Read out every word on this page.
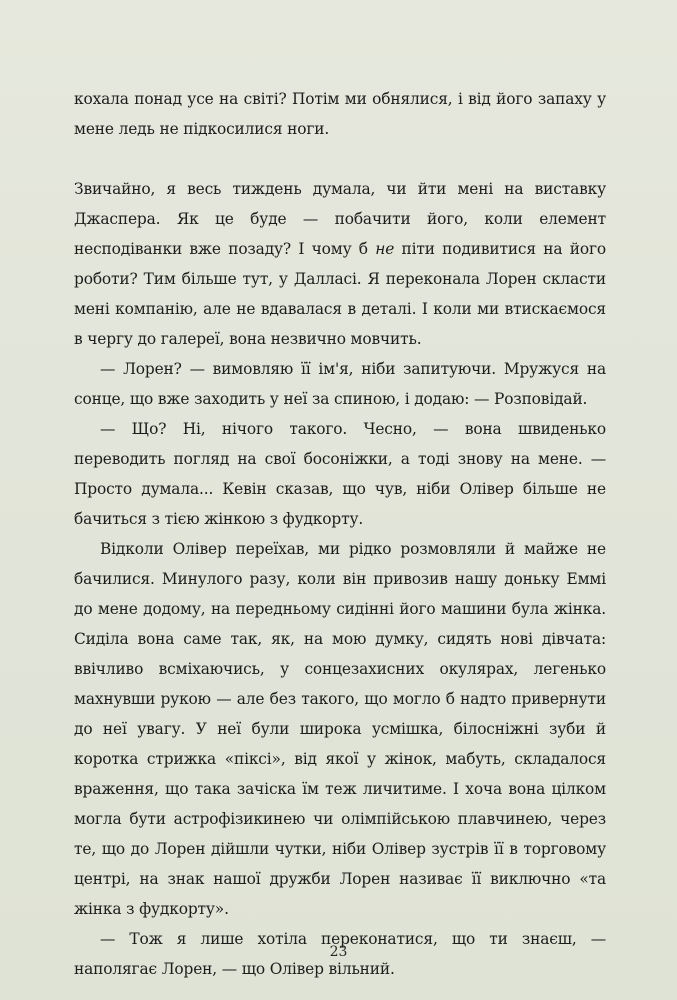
кохала понад усе на світі? Потім ми обнялися, і від його запаху у мене ледь не підкосилися ноги.

Звичайно, я весь тиждень думала, чи йти мені на виставку Джаспера. Як це буде — побачити його, коли елемент несподіванки вже позаду? І чому б не піти подивитися на його роботи? Тим більше тут, у Далласі. Я переконала Лорен скласти мені компанію, але не вдавалася в деталі. І коли ми втискаємося в чергу до галереї, вона незвично мовчить.

— Лорен? — вимовляю її ім'я, ніби запитуючи. Мружуся на сонце, що вже заходить у неї за спиною, і додаю: — Розповідай.

— Що? Ні, нічого такого. Чесно, — вона швиденько переводить погляд на свої босоніжки, а тоді знову на мене. — Просто думала... Кевін сказав, що чув, ніби Олівер більше не бачиться з тією жінкою з фудкорту.

Відколи Олівер переїхав, ми рідко розмовляли й майже не бачилися. Минулого разу, коли він привозив нашу доньку Еммі до мене додому, на передньому сидінні його машини була жінка. Сиділа вона саме так, як, на мою думку, сидять нові дівчата: ввічливо всміхаючись, у сонцезахисних окулярах, легенько махнувши рукою — але без такого, що могло б надто привернути до неї увагу. У неї були широка усмішка, білосніжні зуби й коротка стрижка «піксі», від якої у жінок, мабуть, складалося враження, що така зачіска їм теж личитиме. І хоча вона цілком могла бути астрофізикинею чи олімпійською плавчинею, через те, що до Лорен дійшли чутки, ніби Олівер зустрів її в торговому центрі, на знак нашої дружби Лорен називає її виключно «та жінка з фудкорту».

— Тож я лише хотіла переконатися, що ти знаєш, — наполягає Лорен, — що Олівер вільний.

23
